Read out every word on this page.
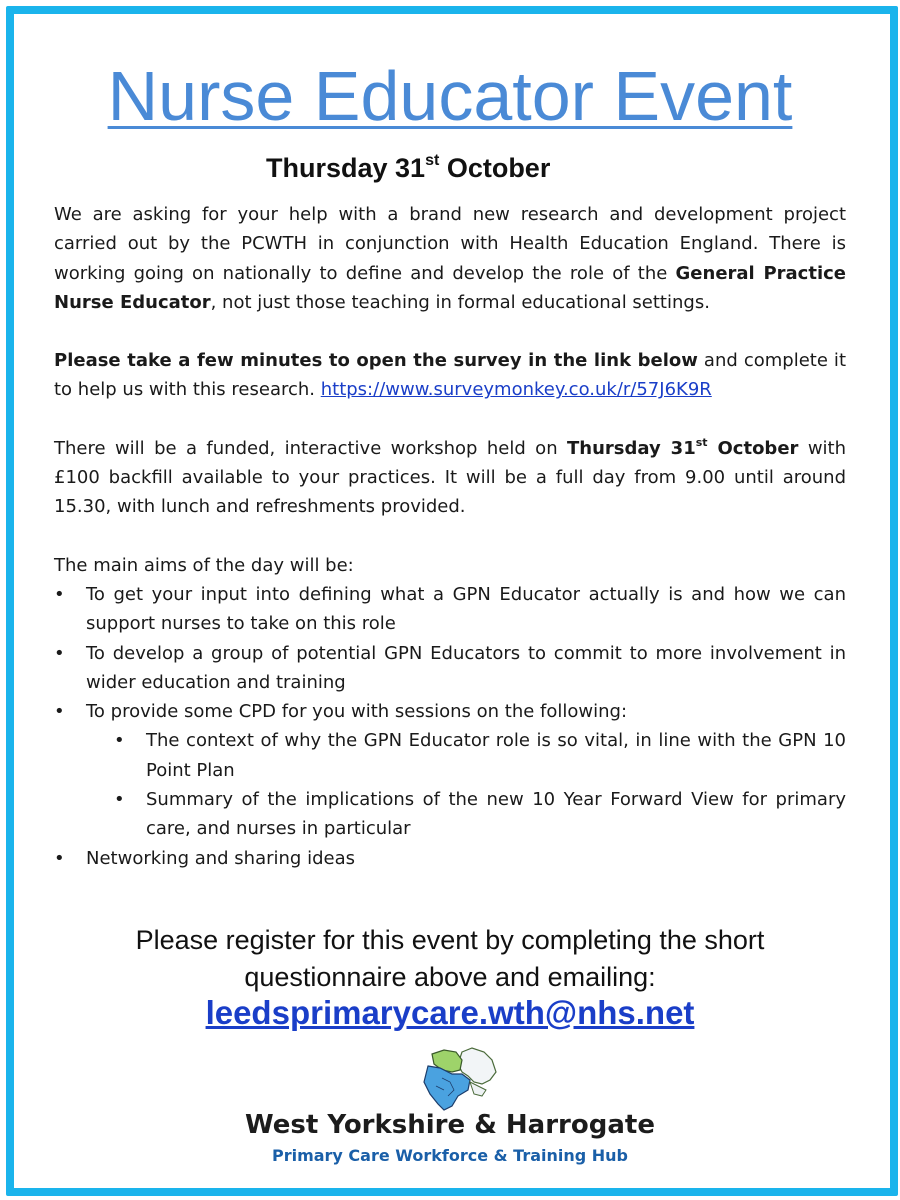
Nurse Educator Event
Thursday 31st October

We are asking for your help with a brand new research and development project carried out by the PCWTH in conjunction with Health Education England. There is working going on nationally to define and develop the role of the General Practice Nurse Educator, not just those teaching in formal educational settings.

Please take a few minutes to open the survey in the link below and complete it to help us with this research. https://www.surveymonkey.co.uk/r/57J6K9R

There will be a funded, interactive workshop held on Thursday 31st October with £100 backfill available to your practices. It will be a full day from 9.00 until around 15.30, with lunch and refreshments provided.

The main aims of the day will be:
• To get your input into defining what a GPN Educator actually is and how we can support nurses to take on this role
• To develop a group of potential GPN Educators to commit to more involvement in wider education and training
• To provide some CPD for you with sessions on the following:
• The context of why the GPN Educator role is so vital, in line with the GPN 10 Point Plan
• Summary of the implications of the new 10 Year Forward View for primary care, and nurses in particular
• Networking and sharing ideas
Please register for this event by completing the short
questionnaire above and emailing:
leedsprimarycare.wth@nhs.net
West Yorkshire & Harrogate
Primary Care Workforce & Training Hub
